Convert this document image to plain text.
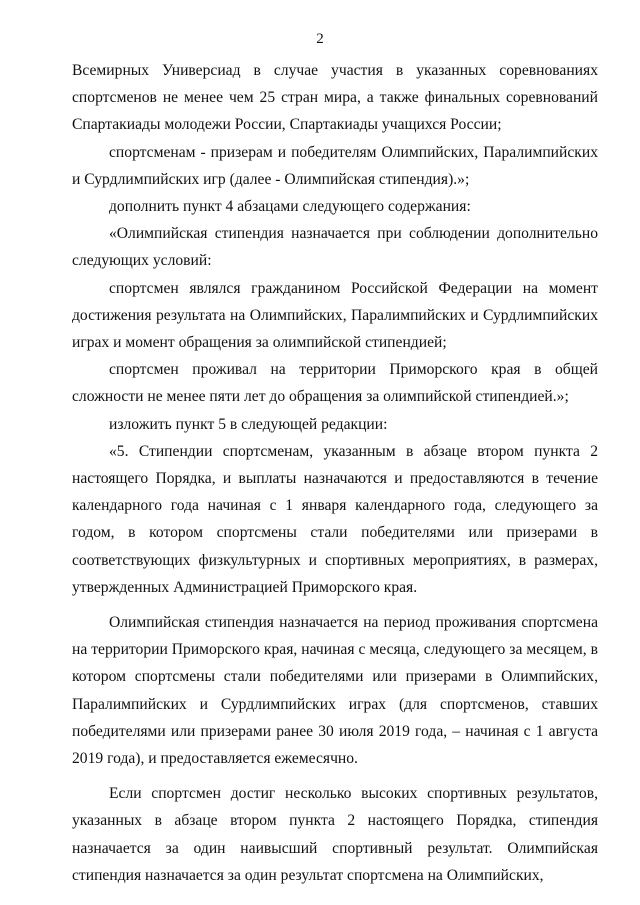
2

Всемирных Универсиад в случае участия в указанных соревнованиях спортсменов не менее чем 25 стран мира, а также финальных соревнований Спартакиады молодежи России, Спартакиады учащихся России;

спортсменам - призерам и победителям Олимпийских, Паралимпийских и Сурдлимпийских игр (далее - Олимпийская стипендия).»;

дополнить пункт 4 абзацами следующего содержания:

«Олимпийская стипендия назначается при соблюдении дополнительно следующих условий:

спортсмен являлся гражданином Российской Федерации на момент достижения результата на Олимпийских, Паралимпийских и Сурдлимпийских играх и момент обращения за олимпийской стипендией;

спортсмен проживал на территории Приморского края в общей сложности не менее пяти лет до обращения за олимпийской стипендией.»;

изложить пункт 5 в следующей редакции:

«5. Стипендии спортсменам, указанным в абзаце втором пункта 2 настоящего Порядка, и выплаты назначаются и предоставляются в течение календарного года начиная с 1 января календарного года, следующего за годом, в котором спортсмены стали победителями или призерами в соответствующих физкультурных и спортивных мероприятиях, в размерах, утвержденных Администрацией Приморского края.

Олимпийская стипендия назначается на период проживания спортсмена на территории Приморского края, начиная с месяца, следующего за месяцем, в котором спортсмены стали победителями или призерами в Олимпийских, Паралимпийских и Сурдлимпийских играх (для спортсменов, ставших победителями или призерами ранее 30 июля 2019 года, – начиная с 1 августа 2019 года), и предоставляется ежемесячно.

Если спортсмен достиг несколько высоких спортивных результатов, указанных в абзаце втором пункта 2 настоящего Порядка, стипендия назначается за один наивысший спортивный результат. Олимпийская стипендия назначается за один результат спортсмена на Олимпийских,
